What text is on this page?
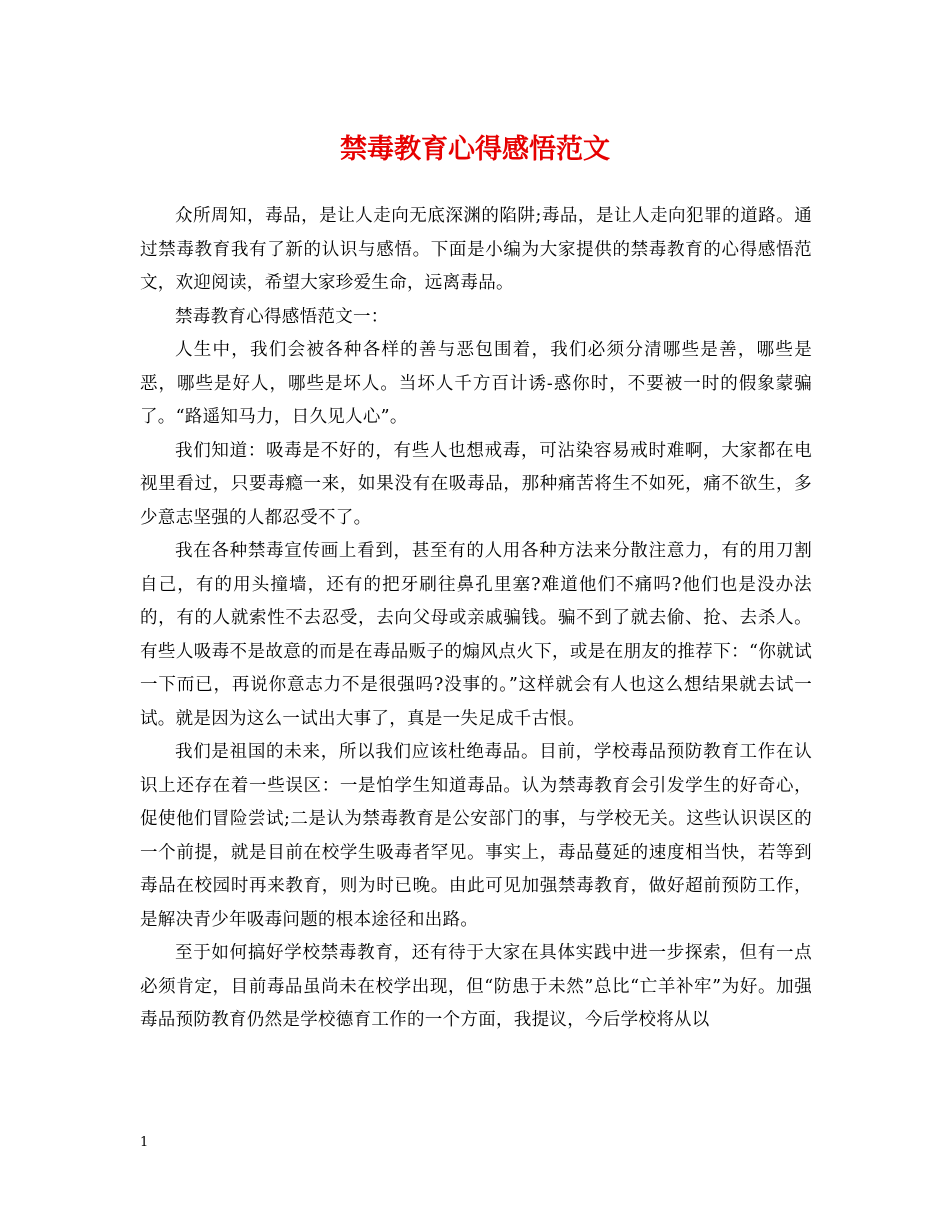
禁毒教育心得感悟范文

众所周知，毒品，是让人走向无底深渊的陷阱;毒品，是让人走向犯罪的道路。通过禁毒教育我有了新的认识与感悟。下面是小编为大家提供的禁毒教育的心得感悟范文，欢迎阅读，希望大家珍爱生命，远离毒品。

禁毒教育心得感悟范文一：

人生中，我们会被各种各样的善与恶包围着，我们必须分清哪些是善，哪些是恶，哪些是好人，哪些是坏人。当坏人千方百计诱-惑你时，不要被一时的假象蒙骗了。“路遥知马力，日久见人心”。

我们知道：吸毒是不好的，有些人也想戒毒，可沾染容易戒时难啊，大家都在电视里看过，只要毒瘾一来，如果没有在吸毒品，那种痛苦将生不如死，痛不欲生，多少意志坚强的人都忍受不了。

我在各种禁毒宣传画上看到，甚至有的人用各种方法来分散注意力，有的用刀割自己，有的用头撞墙，还有的把牙刷往鼻孔里塞?难道他们不痛吗?他们也是没办法的，有的人就索性不去忍受，去向父母或亲戚骗钱。骗不到了就去偷、抢、去杀人。有些人吸毒不是故意的而是在毒品贩子的煽风点火下，或是在朋友的推荐下：“你就试一下而已，再说你意志力不是很强吗?没事的。”这样就会有人也这么想结果就去试一试。就是因为这么一试出大事了，真是一失足成千古恨。

我们是祖国的未来，所以我们应该杜绝毒品。目前，学校毒品预防教育工作在认识上还存在着一些误区：一是怕学生知道毒品。认为禁毒教育会引发学生的好奇心，促使他们冒险尝试;二是认为禁毒教育是公安部门的事，与学校无关。这些认识误区的一个前提，就是目前在校学生吸毒者罕见。事实上，毒品蔓延的速度相当快，若等到毒品在校园时再来教育，则为时已晚。由此可见加强禁毒教育，做好超前预防工作，是解决青少年吸毒问题的根本途径和出路。

至于如何搞好学校禁毒教育，还有待于大家在具体实践中进一步探索，但有一点必须肯定，目前毒品虽尚未在校学出现，但“防患于未然”总比“亡羊补牢”为好。加强毒品预防教育仍然是学校德育工作的一个方面，我提议，今后学校将从以

1
